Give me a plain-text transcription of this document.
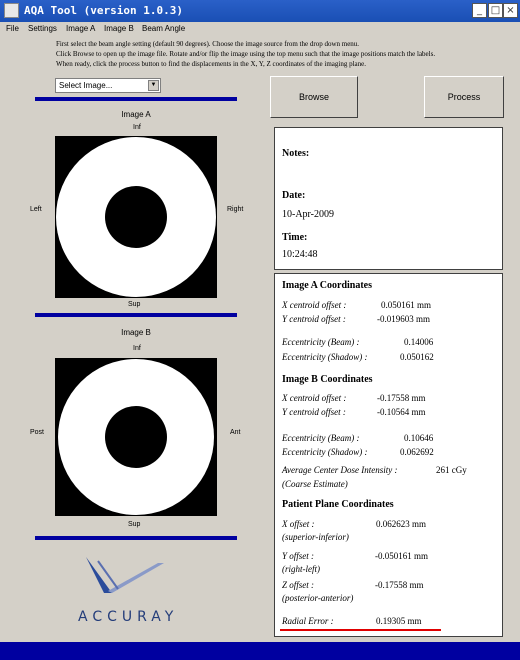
AQA Tool (version 1.0.3)	_ □ ×
File Settings Image A Image B Beam Angle
First select the beam angle setting (default 90 degrees). Choose the image source from the drop down menu.
Click Browse to open up the image file. Rotate and/or flip the image using the top menu such that the image positions match the labels.
When ready, click the process button to find the displacements in the X, Y, Z coordinates of the imaging plane.
Select Image...	▼
Browse	Process
Image A
Inf
Left	Right
Sup
Image B
Inf
Post	Ant
Sup
ACCURAY
Notes:
Date:
10-Apr-2009
Time:
10:24:48
Image A Coordinates
X centroid offset :	0.050161 mm
Y centroid offset :	-0.019603 mm
Eccentricity (Beam) :	0.14006
Eccentricity (Shadow) :	0.050162
Image B Coordinates
X centroid offset :	-0.17558 mm
Y centroid offset :	-0.10564 mm
Eccentricity (Beam) :	0.10646
Eccentricity (Shadow) :	0.062692
Average Center Dose Intensity :	261 cGy
(Coarse Estimate)
Patient Plane Coordinates
X offset :
(superior-inferior)
0.062623 mm
Y offset :
(right-left)
-0.050161 mm
Z offset :
(posterior-anterior)
-0.17558 mm
Radial Error :	0.19305 mm
